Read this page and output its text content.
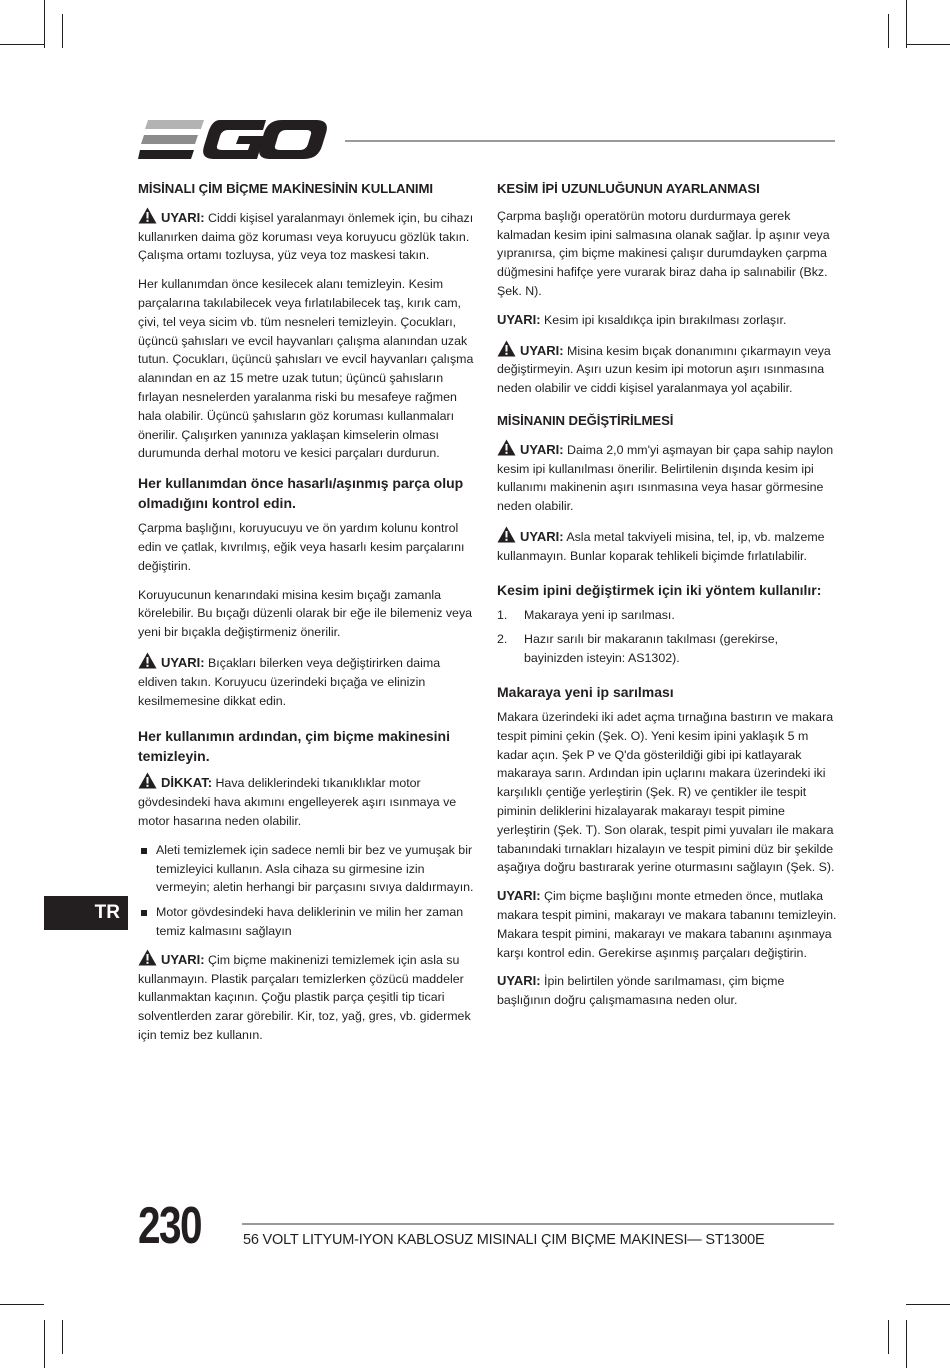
MİSİNALI ÇİM BİÇME MAKİNESİNİN KULLANIMI

UYARI: Ciddi kişisel yaralanmayı önlemek için, bu cihazı kullanırken daima göz koruması veya koruyucu gözlük takın. Çalışma ortamı tozluysa, yüz veya toz maskesi takın.

Her kullanımdan önce kesilecek alanı temizleyin. Kesim parçalarına takılabilecek veya fırlatılabilecek taş, kırık cam, çivi, tel veya sicim vb. tüm nesneleri temizleyin. Çocukları, üçüncü şahısları ve evcil hayvanları çalışma alanından uzak tutun. Çocukları, üçüncü şahısları ve evcil hayvanları çalışma alanından en az 15 metre uzak tutun; üçüncü şahısların fırlayan nesnelerden yaralanma riski bu mesafeye rağmen hala olabilir. Üçüncü şahısların göz koruması kullanmaları önerilir. Çalışırken yanınıza yaklaşan kimselerin olması durumunda derhal motoru ve kesici parçaları durdurun.

Her kullanımdan önce hasarlı/aşınmış parça olup olmadığını kontrol edin.

Çarpma başlığını, koruyucuyu ve ön yardım kolunu kontrol edin ve çatlak, kıvrılmış, eğik veya hasarlı kesim parçalarını değiştirin.

Koruyucunun kenarındaki misina kesim bıçağı zamanla körelebilir. Bu bıçağı düzenli olarak bir eğe ile bilemeniz veya yeni bir bıçakla değiştirmeniz önerilir.

UYARI: Bıçakları bilerken veya değiştirirken daima eldiven takın. Koruyucu üzerindeki bıçağa ve elinizin kesilmemesine dikkat edin.

Her kullanımın ardından, çim biçme makinesini temizleyin.

DİKKAT: Hava deliklerindeki tıkanıklıklar motor gövdesindeki hava akımını engelleyerek aşırı ısınmaya ve motor hasarına neden olabilir.

Aleti temizlemek için sadece nemli bir bez ve yumuşak bir temizleyici kullanın. Asla cihaza su girmesine izin vermeyin; aletin herhangi bir parçasını sıvıya daldırmayın.
Motor gövdesindeki hava deliklerinin ve milin her zaman temiz kalmasını sağlayın

UYARI: Çim biçme makinenizi temizlemek için asla su kullanmayın. Plastik parçaları temizlerken çözücü maddeler kullanmaktan kaçının. Çoğu plastik parça çeşitli tip ticari solventlerden zarar görebilir. Kir, toz, yağ, gres, vb. gidermek için temiz bez kullanın.

KESİM İPİ UZUNLUĞUNUN AYARLANMASI

Çarpma başlığı operatörün motoru durdurmaya gerek kalmadan kesim ipini salmasına olanak sağlar. İp aşınır veya yıpranırsa, çim biçme makinesi çalışır durumdayken çarpma düğmesini hafifçe yere vurarak biraz daha ip salınabilir (Bkz. Şek. N).

UYARI: Kesim ipi kısaldıkça ipin bırakılması zorlaşır.

UYARI: Misina kesim bıçak donanımını çıkarmayın veya değiştirmeyin. Aşırı uzun kesim ipi motorun aşırı ısınmasına neden olabilir ve ciddi kişisel yaralanmaya yol açabilir.

MİSİNANIN DEĞİŞTİRİLMESİ

UYARI: Daima 2,0 mm'yi aşmayan bir çapa sahip naylon kesim ipi kullanılması önerilir. Belirtilenin dışında kesim ipi kullanımı makinenin aşırı ısınmasına veya hasar görmesine neden olabilir.

UYARI: Asla metal takviyeli misina, tel, ip, vb. malzeme kullanmayın. Bunlar koparak tehlikeli biçimde fırlatılabilir.

Kesim ipini değiştirmek için iki yöntem kullanılır:
1. Makaraya yeni ip sarılması.
2. Hazır sarılı bir makaranın takılması (gerekirse, bayinizden isteyin: AS1302).
Makaraya yeni ip sarılması

Makara üzerindeki iki adet açma tırnağına bastırın ve makara tespit pimini çekin (Şek. O). Yeni kesim ipini yaklaşık 5 m kadar açın. Şek P ve Q'da gösterildiği gibi ipi katlayarak makaraya sarın. Ardından ipin uçlarını makara üzerindeki iki karşılıklı çentiğe yerleştirin (Şek. R) ve çentikler ile tespit piminin deliklerini hizalayarak makarayı tespit pimine yerleştirin (Şek. T). Son olarak, tespit pimi yuvaları ile makara tabanındaki tırnakları hizalayın ve tespit pimini düz bir şekilde aşağıya doğru bastırarak yerine oturmasını sağlayın (Şek. S).

UYARI: Çim biçme başlığını monte etmeden önce, mutlaka makara tespit pimini, makarayı ve makara tabanını temizleyin. Makara tespit pimini, makarayı ve makara tabanını aşınmaya karşı kontrol edin. Gerekirse aşınmış parçaları değiştirin.

UYARI: İpin belirtilen yönde sarılmaması, çim biçme başlığının doğru çalışmamasına neden olur.

TR
230	56 VOLT LITYUM-IYON KABLOSUZ MISINALI ÇIM BIÇME MAKINESI— ST1300E
